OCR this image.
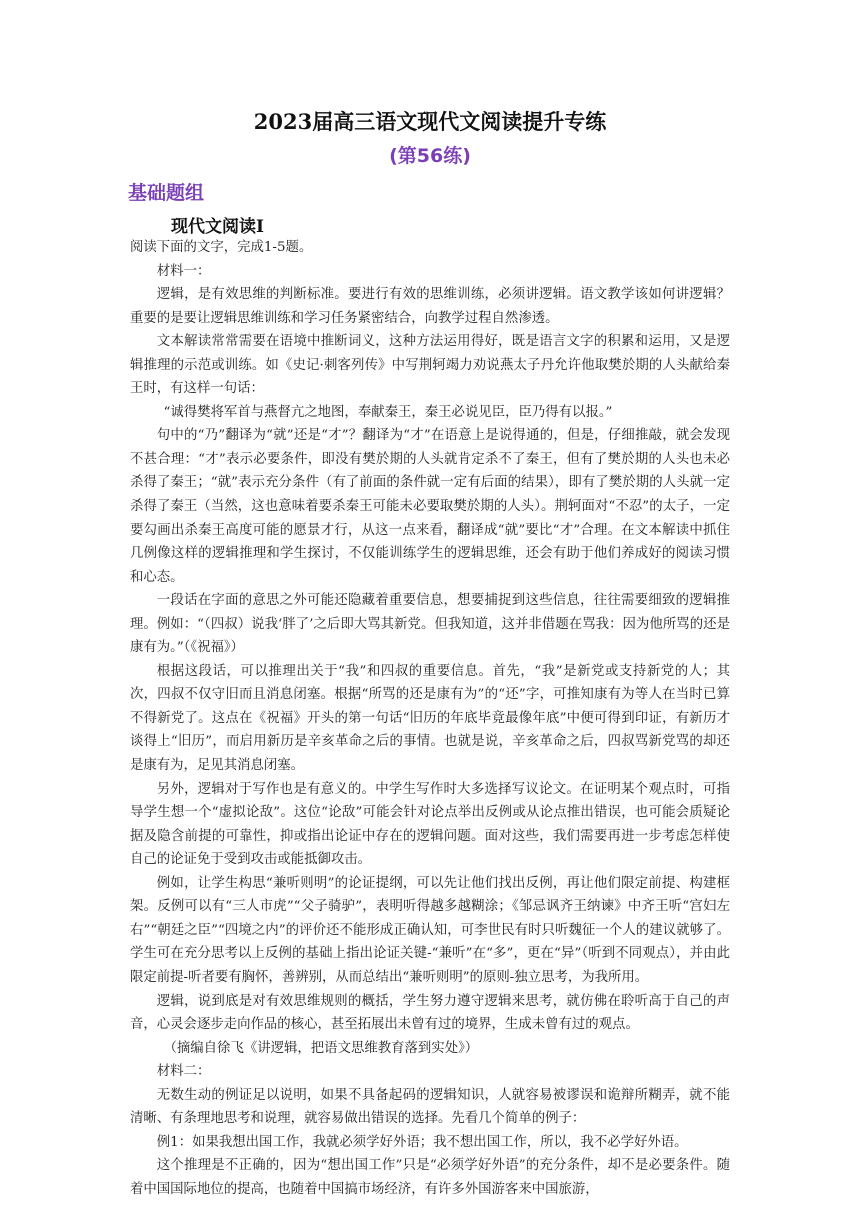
2023届高三语文现代文阅读提升专练
(第56练)
基础题组
现代文阅读Ⅰ

阅读下面的文字，完成1-5题。

材料一：

逻辑，是有效思维的判断标准。要进行有效的思维训练，必须讲逻辑。语文教学该如何讲逻辑？重要的是要让逻辑思维训练和学习任务紧密结合，向教学过程自然渗透。

文本解读常常需要在语境中推断词义，这种方法运用得好，既是语言文字的积累和运用，又是逻辑推理的示范或训练。如《史记·刺客列传》中写荆轲竭力劝说燕太子丹允许他取樊於期的人头献给秦王时，有这样一句话：

“诚得樊将军首与燕督亢之地图，奉献秦王，秦王必说见臣，臣乃得有以报。”

句中的“乃”翻译为“就”还是“才”？翻译为“才”在语意上是说得通的，但是，仔细推敲，就会发现不甚合理：“才”表示必要条件，即没有樊於期的人头就肯定杀不了秦王，但有了樊於期的人头也未必杀得了秦王；“就”表示充分条件（有了前面的条件就一定有后面的结果），即有了樊於期的人头就一定杀得了秦王（当然，这也意味着要杀秦王可能未必要取樊於期的人头）。荆轲面对“不忍”的太子，一定要勾画出杀秦王高度可能的愿景才行，从这一点来看，翻译成“就”要比“才”合理。在文本解读中抓住几例像这样的逻辑推理和学生探讨，不仅能训练学生的逻辑思维，还会有助于他们养成好的阅读习惯和心态。

一段话在字面的意思之外可能还隐藏着重要信息，想要捕捉到这些信息，往往需要细致的逻辑推理。例如：“（四叔）说我‘胖了’之后即大骂其新党。但我知道，这并非借题在骂我：因为他所骂的还是康有为。”（《祝福》）

根据这段话，可以推理出关于“我”和四叔的重要信息。首先，“我”是新党或支持新党的人；其次，四叔不仅守旧而且消息闭塞。根据“所骂的还是康有为”的“还”字，可推知康有为等人在当时已算不得新党了。这点在《祝福》开头的第一句话“旧历的年底毕竟最像年底”中便可得到印证，有新历才谈得上“旧历”，而启用新历是辛亥革命之后的事情。也就是说，辛亥革命之后，四叔骂新党骂的却还是康有为，足见其消息闭塞。

另外，逻辑对于写作也是有意义的。中学生写作时大多选择写议论文。在证明某个观点时，可指导学生想一个“虚拟论敌”。这位“论敌”可能会针对论点举出反例或从论点推出错误，也可能会质疑论据及隐含前提的可靠性，抑或指出论证中存在的逻辑问题。面对这些，我们需要再进一步考虑怎样使自己的论证免于受到攻击或能抵御攻击。

例如，让学生构思“兼听则明”的论证提纲，可以先让他们找出反例，再让他们限定前提、构建框架。反例可以有“三人市虎”“父子骑驴”，表明听得越多越糊涂；《邹忌讽齐王纳谏》中齐王听“宫妇左右”“朝廷之臣”“四境之内”的评价还不能形成正确认知，可李世民有时只听魏征一个人的建议就够了。学生可在充分思考以上反例的基础上指出论证关键-“兼听”在“多”，更在“异”（听到不同观点），并由此限定前提-听者要有胸怀，善辨别，从而总结出“兼听则明”的原则-独立思考，为我所用。

逻辑，说到底是对有效思维规则的概括，学生努力遵守逻辑来思考，就仿佛在聆听高于自己的声音，心灵会逐步走向作品的核心，甚至拓展出未曾有过的境界，生成未曾有过的观点。

（摘编自徐飞《讲逻辑，把语文思维教育落到实处》）

材料二：

无数生动的例证足以说明，如果不具备起码的逻辑知识，人就容易被谬误和诡辩所糊弄，就不能清晰、有条理地思考和说理，就容易做出错误的选择。先看几个简单的例子：

例1：如果我想出国工作，我就必须学好外语；我不想出国工作，所以，我不必学好外语。

这个推理是不正确的，因为“想出国工作”只是“必须学好外语”的充分条件，却不是必要条件。随着中国国际地位的提高，也随着中国搞市场经济，有许多外国游客来中国旅游，
